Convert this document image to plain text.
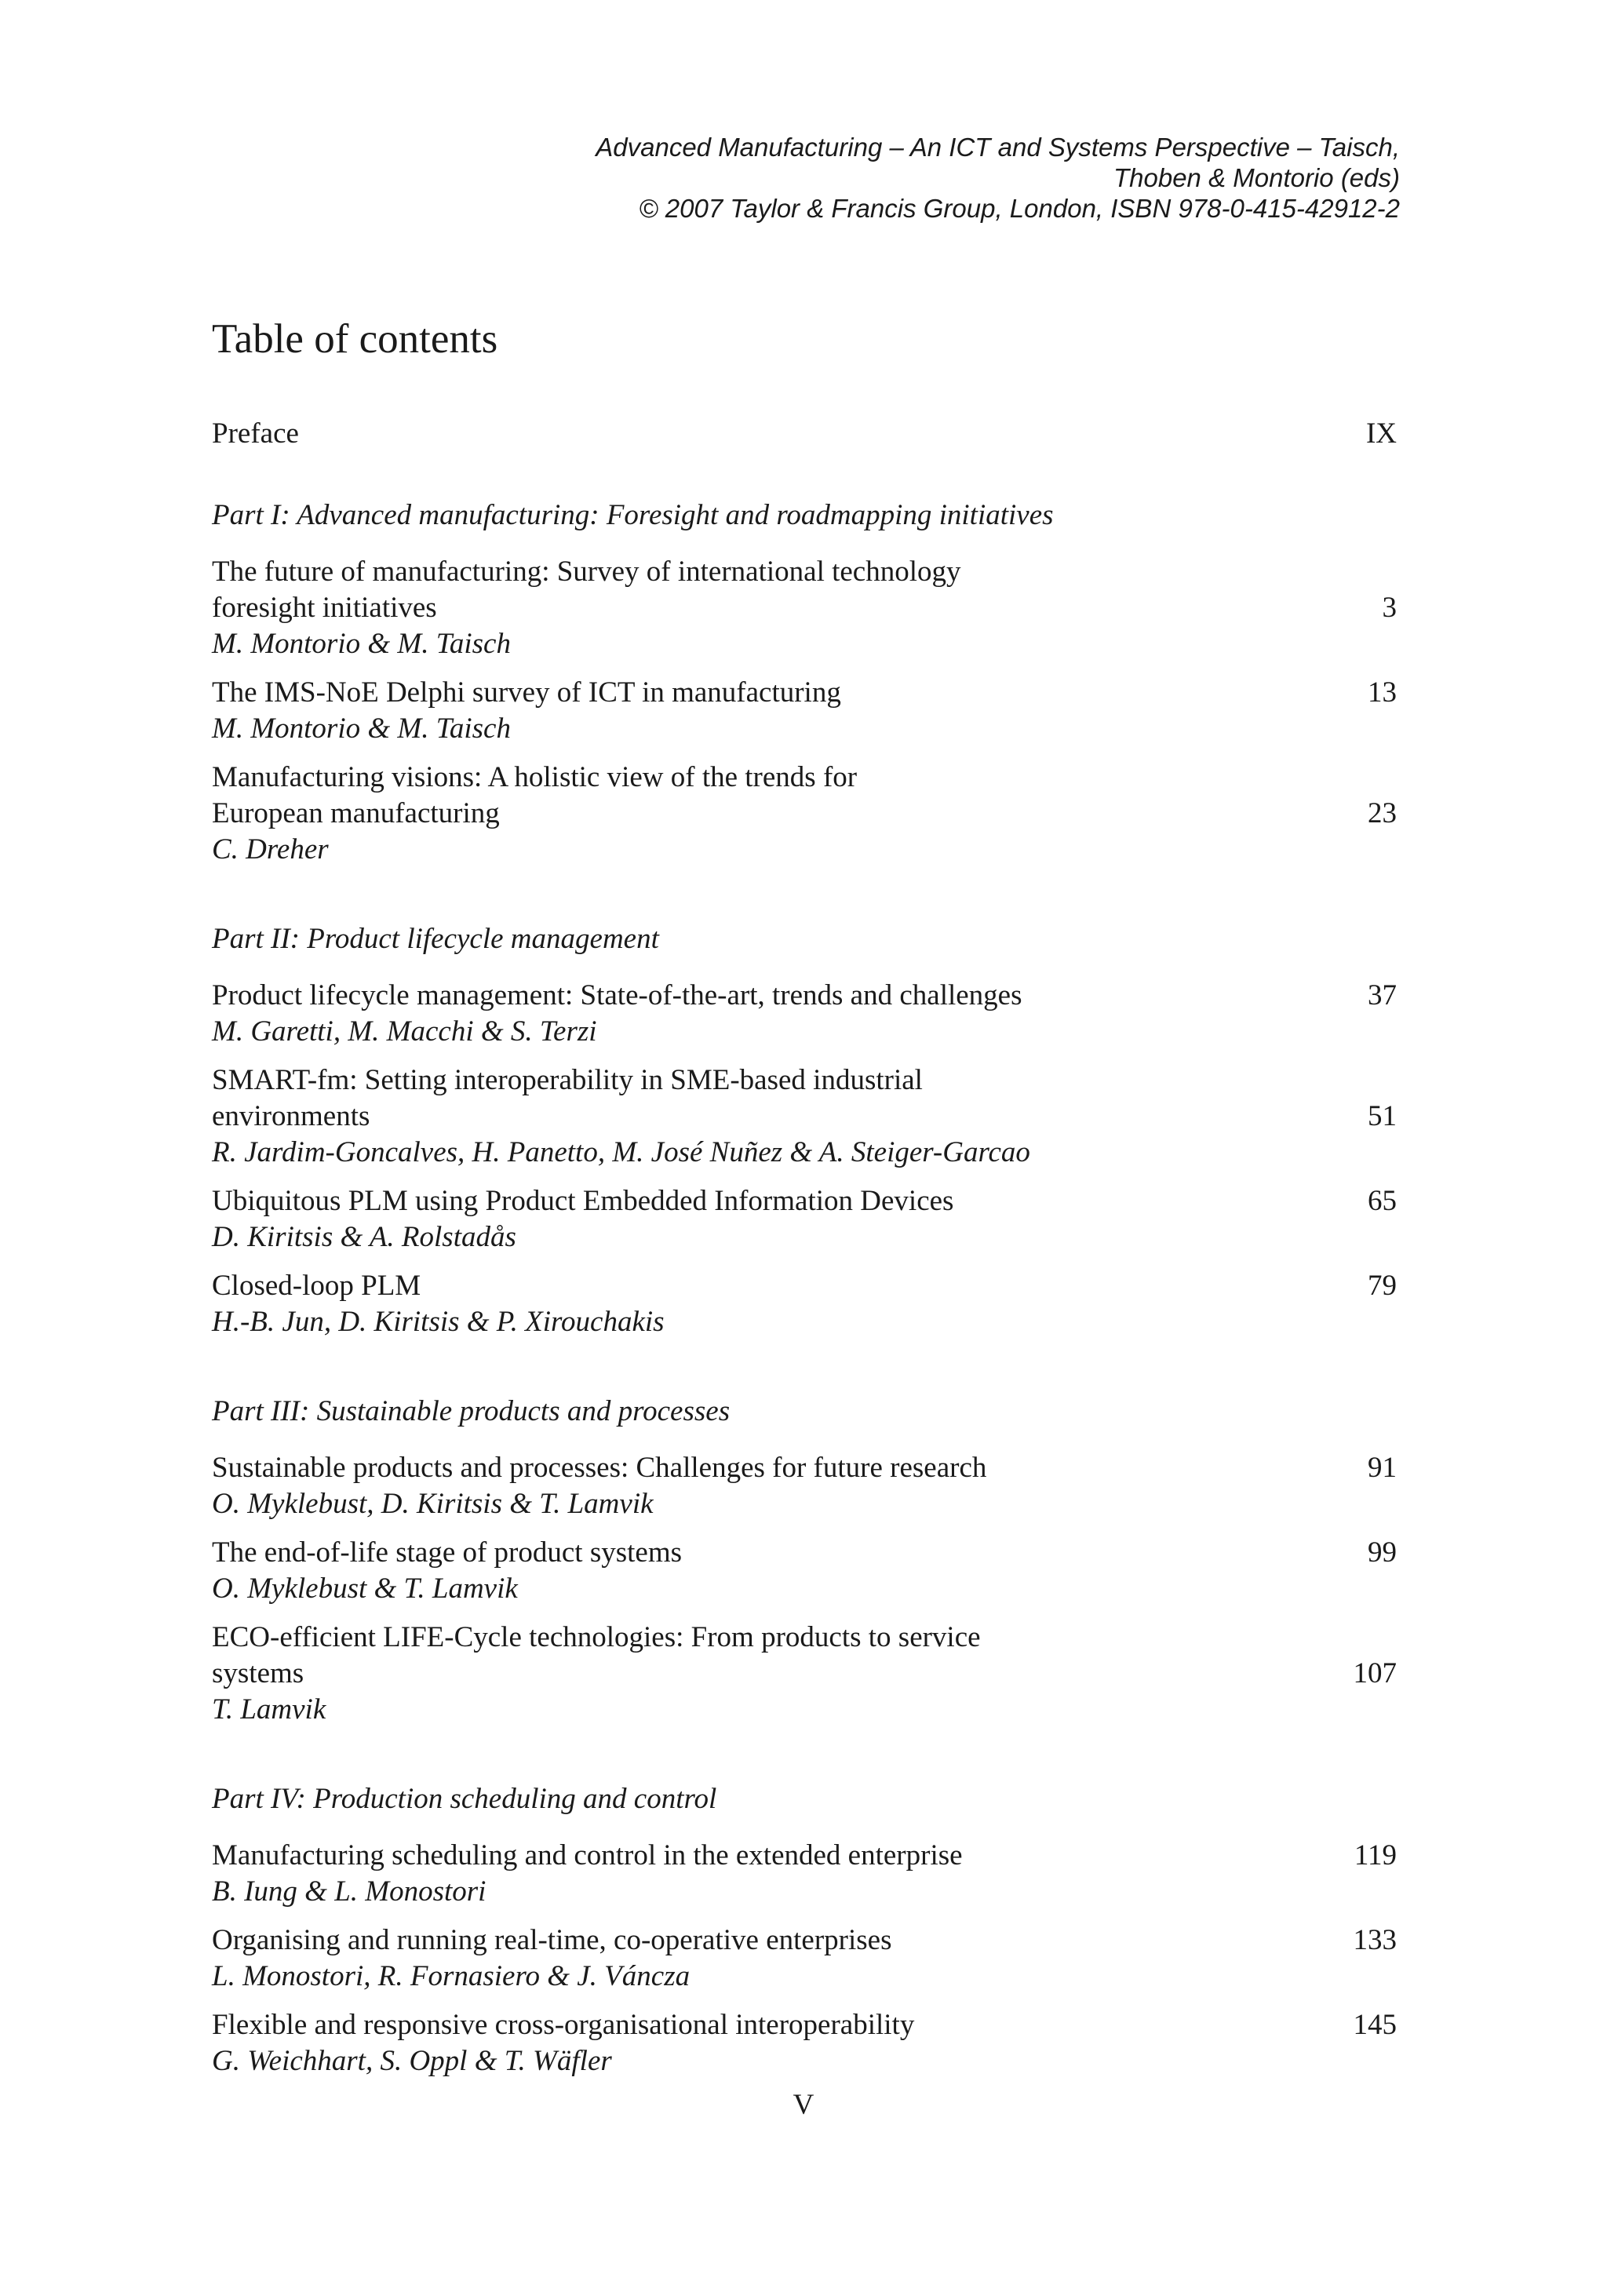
Advanced Manufacturing – An ICT and Systems Perspective – Taisch,
Thoben & Montorio (eds)
© 2007 Taylor & Francis Group, London, ISBN 978-0-415-42912-2
Table of contents
Preface	IX
Part I: Advanced manufacturing: Foresight and roadmapping initiatives
The future of manufacturing: Survey of international technology
foresight initiatives
M. Montorio & M. Taisch
3
The IMS-NoE Delphi survey of ICT in manufacturing
M. Montorio & M. Taisch
13
Manufacturing visions: A holistic view of the trends for
European manufacturing
C. Dreher
23
Part II: Product lifecycle management
Product lifecycle management: State-of-the-art, trends and challenges
M. Garetti, M. Macchi & S. Terzi
37
SMART-fm: Setting interoperability in SME-based industrial
environments
R. Jardim-Goncalves, H. Panetto, M. José Nuñez & A. Steiger-Garcao
51
Ubiquitous PLM using Product Embedded Information Devices
D. Kiritsis & A. Rolstadås
65
Closed-loop PLM
H.-B. Jun, D. Kiritsis & P. Xirouchakis
79
Part III: Sustainable products and processes
Sustainable products and processes: Challenges for future research
O. Myklebust, D. Kiritsis & T. Lamvik
91
The end-of-life stage of product systems
O. Myklebust & T. Lamvik
99
ECO-efficient LIFE-Cycle technologies: From products to service
systems
T. Lamvik
107
Part IV: Production scheduling and control
Manufacturing scheduling and control in the extended enterprise
B. Iung & L. Monostori
119
Organising and running real-time, co-operative enterprises
L. Monostori, R. Fornasiero & J. Váncza
133
Flexible and responsive cross-organisational interoperability
G. Weichhart, S. Oppl & T. Wäfler
145
V
